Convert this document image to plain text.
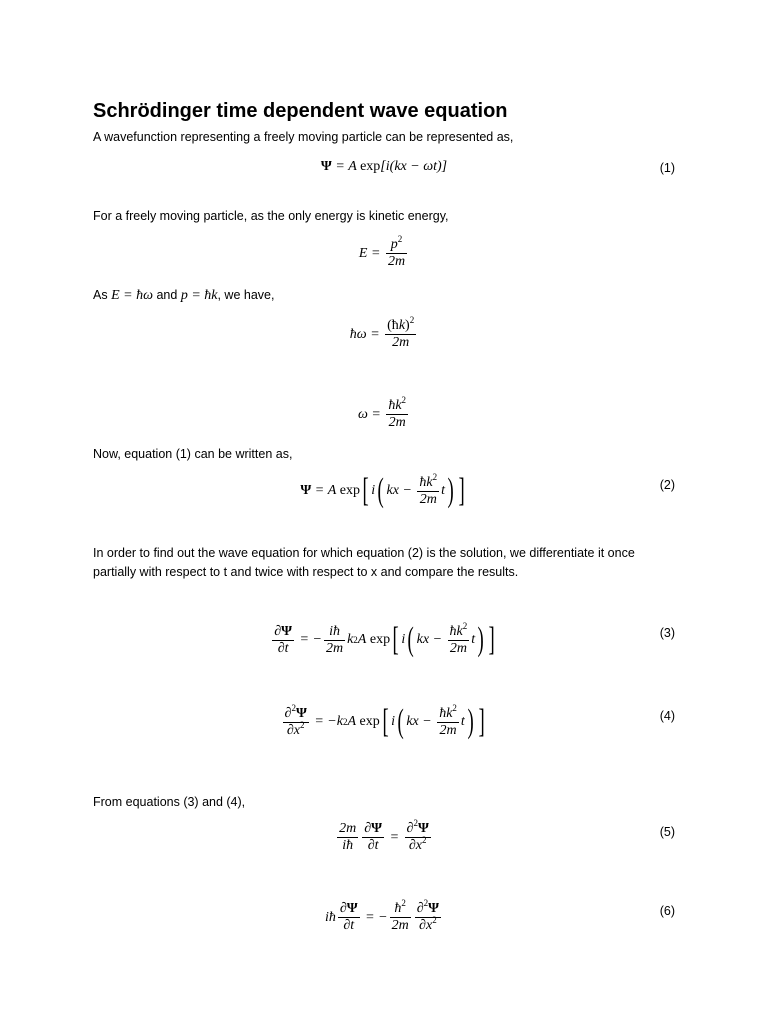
Schrödinger time dependent wave equation
A wavefunction representing a freely moving particle can be represented as,
Ψ = A exp[i(kx − ωt)]	(1)
For a freely moving particle, as the only energy is kinetic energy,
$E = \frac{p^2}{2m}$
As E = ħω and p = ħk, we have,
ħ $\omega = \frac{(ħk)^2}{2m}$
$\omega = \frac{ħk^2}{2m}$
Now, equation (1) can be written as,
Ψ = A
exp [ i ( kx − $\frac{ħk^2}{2m}$ t ) ]	(2)
In order to find out the wave equation for which equation (2) is the solution, we differentiate it once
partially with respect to t and twice with respect to x and compare the results.
$\frac{\partial\Psi}{\partial t}$ = − $\frac{iħ}{2m}$ k 2 A
exp [ i ( kx − $\frac{ħk^2}{2m}$ t ) ]	(3)
$\frac{\partial^2\Psi}{\partial x^2}$ = − k 2 A
exp [ i ( kx − $\frac{ħk^2}{2m}$ t ) ]	(4)
From equations (3) and (4),
$\frac{2m}{iħ} \frac{\partial\Psi}{\partial t} = \frac{\partial^2\Psi}{\partial x^2}$	(5)
i ħ $\frac{\partial\Psi}{\partial t}$ = − $\frac{ħ^2}{2m} \frac{\partial^2\Psi}{\partial x^2}$	(6)
